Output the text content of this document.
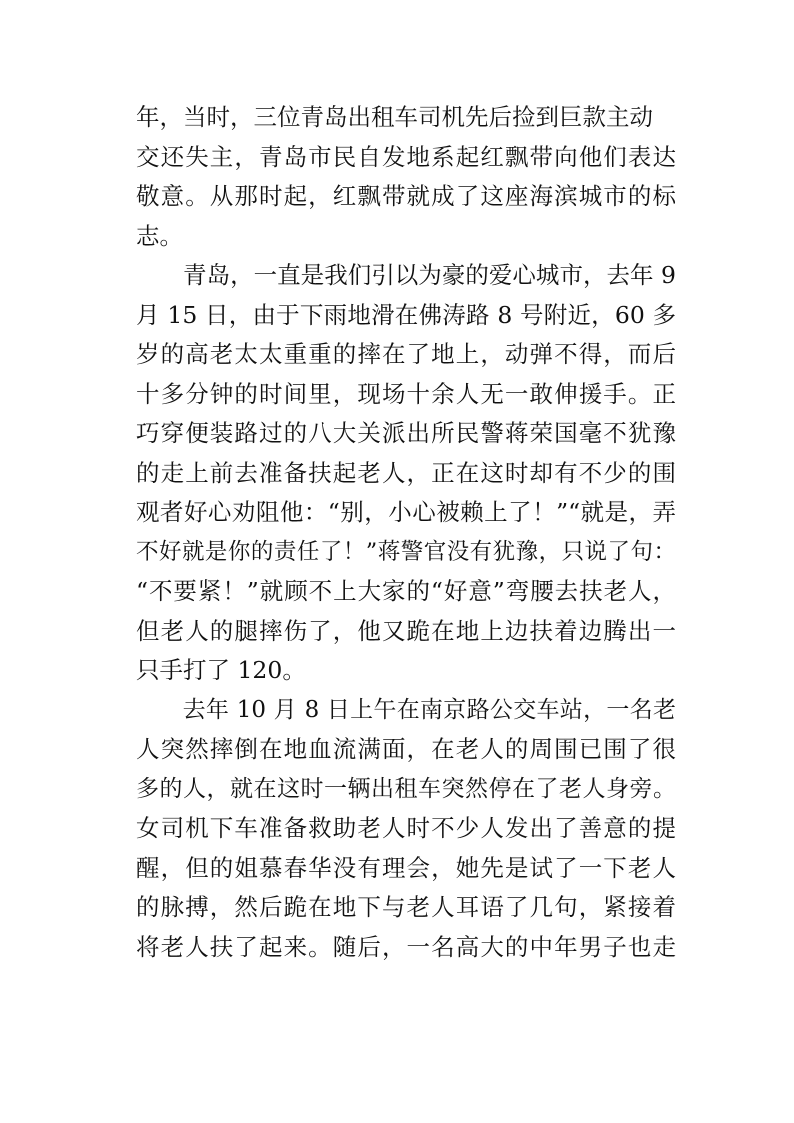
年，当时，三位青岛出租车司机先后捡到巨款主动
交还失主，青岛市民自发地系起红飘带向他们表达
敬意。从那时起，红飘带就成了这座海滨城市的标
志。
　　青岛，一直是我们引以为豪的爱心城市，去年 9
月 15 日，由于下雨地滑在佛涛路 8 号附近，60 多
岁的高老太太重重的摔在了地上，动弹不得，而后
十多分钟的时间里，现场十余人无一敢伸援手。正
巧穿便装路过的八大关派出所民警蒋荣国毫不犹豫
的走上前去准备扶起老人，正在这时却有不少的围
观者好心劝阻他：“别，小心被赖上了！”“就是，弄
不好就是你的责任了！”蒋警官没有犹豫，只说了句：
“不要紧！”就顾不上大家的“好意”弯腰去扶老人，
但老人的腿摔伤了，他又跪在地上边扶着边腾出一
只手打了 120。
　　去年 10 月 8 日上午在南京路公交车站，一名老
人突然摔倒在地血流满面，在老人的周围已围了很
多的人，就在这时一辆出租车突然停在了老人身旁。
女司机下车准备救助老人时不少人发出了善意的提
醒，但的姐慕春华没有理会，她先是试了一下老人
的脉搏，然后跪在地下与老人耳语了几句，紧接着
将老人扶了起来。随后，一名高大的中年男子也走
